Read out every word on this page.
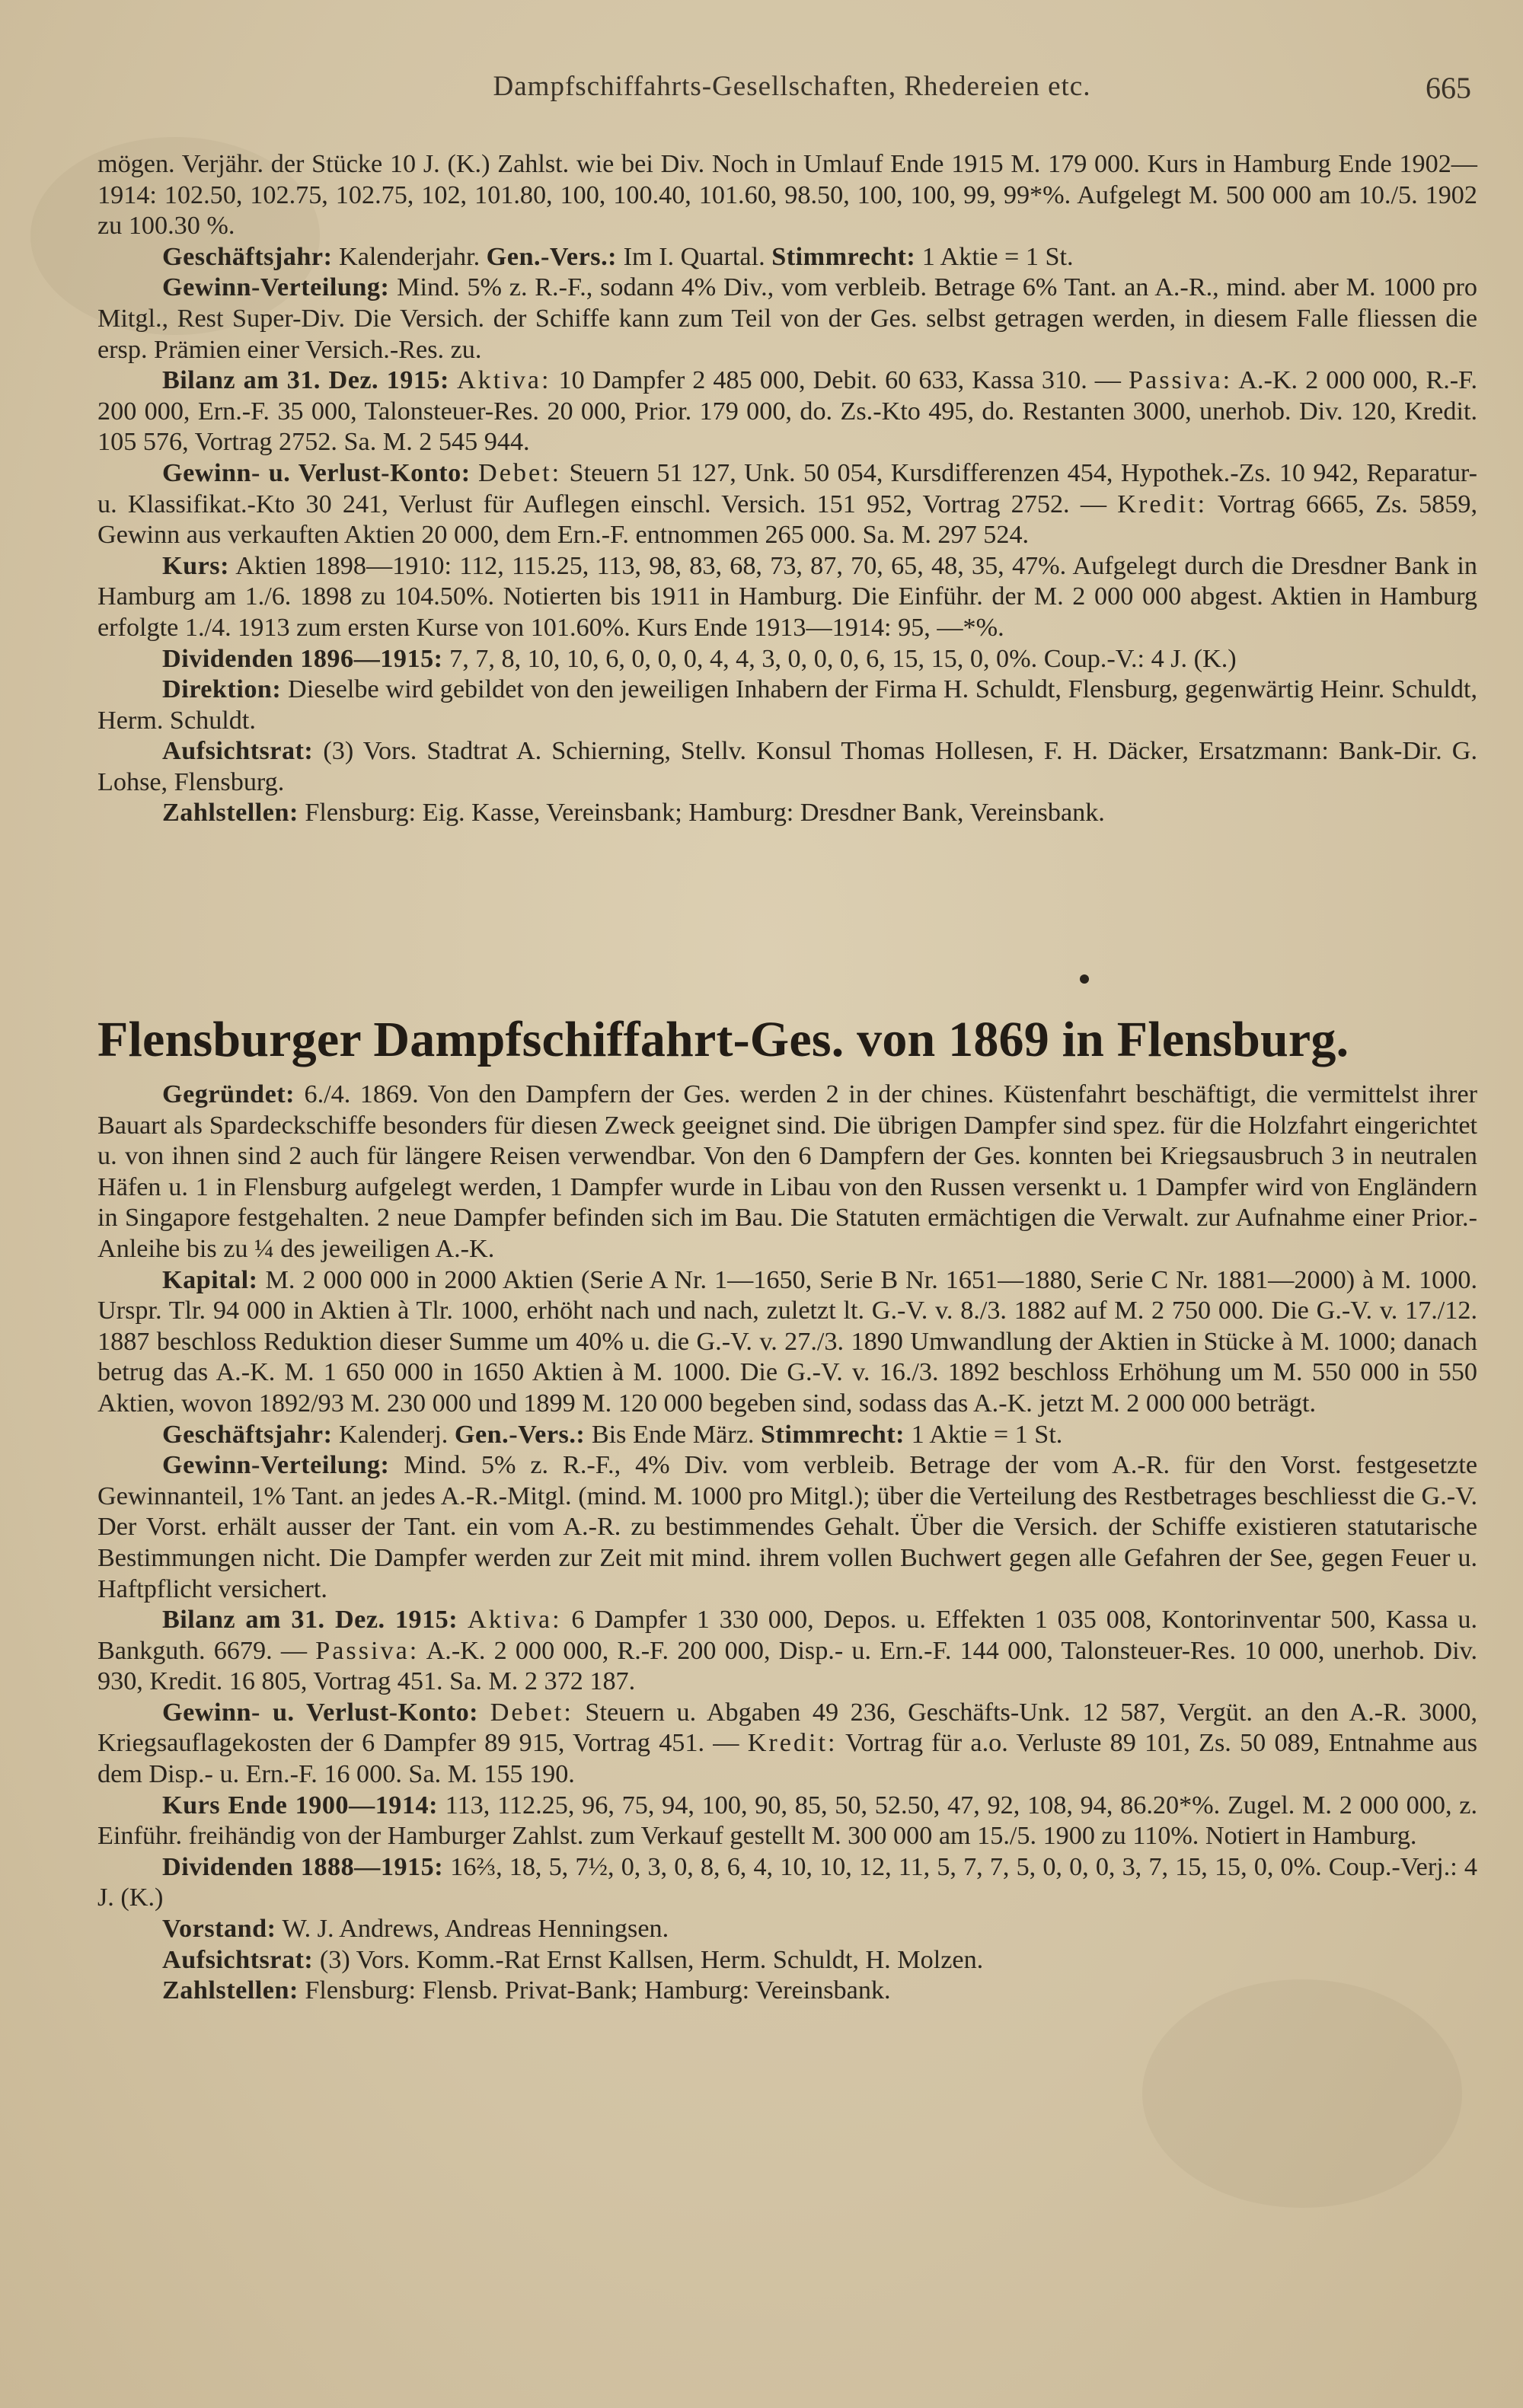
Dampfschiffahrts-Gesellschaften, Rhedereien etc.	665

mögen. Verjähr. der Stücke 10 J. (K.) Zahlst. wie bei Div. Noch in Umlauf Ende 1915 M. 179 000. Kurs in Hamburg Ende 1902—1914: 102.50, 102.75, 102.75, 102, 101.80, 100, 100.40, 101.60, 98.50, 100, 100, 99, 99*%. Aufgelegt M. 500 000 am 10./5. 1902 zu 100.30 %.

Geschäftsjahr: Kalenderjahr. Gen.-Vers.: Im I. Quartal. Stimmrecht: 1 Aktie = 1 St.

Gewinn-Verteilung: Mind. 5% z. R.-F., sodann 4% Div., vom verbleib. Betrage 6% Tant. an A.-R., mind. aber M. 1000 pro Mitgl., Rest Super-Div. Die Versich. der Schiffe kann zum Teil von der Ges. selbst getragen werden, in diesem Falle fliessen die ersp. Prämien einer Versich.-Res. zu.

Bilanz am 31. Dez. 1915: Aktiva: 10 Dampfer 2 485 000, Debit. 60 633, Kassa 310. — Passiva: A.-K. 2 000 000, R.-F. 200 000, Ern.-F. 35 000, Talonsteuer-Res. 20 000, Prior. 179 000, do. Zs.-Kto 495, do. Restanten 3000, unerhob. Div. 120, Kredit. 105 576, Vortrag 2752. Sa. M. 2 545 944.

Gewinn- u. Verlust-Konto: Debet: Steuern 51 127, Unk. 50 054, Kursdifferenzen 454, Hypothek.-Zs. 10 942, Reparatur- u. Klassifikat.-Kto 30 241, Verlust für Auflegen einschl. Versich. 151 952, Vortrag 2752. — Kredit: Vortrag 6665, Zs. 5859, Gewinn aus verkauften Aktien 20 000, dem Ern.-F. entnommen 265 000. Sa. M. 297 524.

Kurs: Aktien 1898—1910: 112, 115.25, 113, 98, 83, 68, 73, 87, 70, 65, 48, 35, 47%. Aufgelegt durch die Dresdner Bank in Hamburg am 1./6. 1898 zu 104.50%. Notierten bis 1911 in Hamburg. Die Einführ. der M. 2 000 000 abgest. Aktien in Hamburg erfolgte 1./4. 1913 zum ersten Kurse von 101.60%. Kurs Ende 1913—1914: 95, —*%.

Dividenden 1896—1915: 7, 7, 8, 10, 10, 6, 0, 0, 0, 4, 4, 3, 0, 0, 0, 6, 15, 15, 0, 0%. Coup.-V.: 4 J. (K.)

Direktion: Dieselbe wird gebildet von den jeweiligen Inhabern der Firma H. Schuldt, Flensburg, gegenwärtig Heinr. Schuldt, Herm. Schuldt.

Aufsichtsrat: (3) Vors. Stadtrat A. Schierning, Stellv. Konsul Thomas Hollesen, F. H. Däcker, Ersatzmann: Bank-Dir. G. Lohse, Flensburg.

Zahlstellen: Flensburg: Eig. Kasse, Vereinsbank; Hamburg: Dresdner Bank, Vereinsbank.

Flensburger Dampfschiffahrt-Ges. von 1869 in Flensburg.

Gegründet: 6./4. 1869. Von den Dampfern der Ges. werden 2 in der chines. Küstenfahrt beschäftigt, die vermittelst ihrer Bauart als Spardeckschiffe besonders für diesen Zweck geeignet sind. Die übrigen Dampfer sind spez. für die Holzfahrt eingerichtet u. von ihnen sind 2 auch für längere Reisen verwendbar. Von den 6 Dampfern der Ges. konnten bei Kriegsausbruch 3 in neutralen Häfen u. 1 in Flensburg aufgelegt werden, 1 Dampfer wurde in Libau von den Russen versenkt u. 1 Dampfer wird von Engländern in Singapore festgehalten. 2 neue Dampfer befinden sich im Bau. Die Statuten ermächtigen die Verwalt. zur Aufnahme einer Prior.-Anleihe bis zu ¼ des jeweiligen A.-K.

Kapital: M. 2 000 000 in 2000 Aktien (Serie A Nr. 1—1650, Serie B Nr. 1651—1880, Serie C Nr. 1881—2000) à M. 1000. Urspr. Tlr. 94 000 in Aktien à Tlr. 1000, erhöht nach und nach, zuletzt lt. G.-V. v. 8./3. 1882 auf M. 2 750 000. Die G.-V. v. 17./12. 1887 beschloss Reduktion dieser Summe um 40% u. die G.-V. v. 27./3. 1890 Umwandlung der Aktien in Stücke à M. 1000; danach betrug das A.-K. M. 1 650 000 in 1650 Aktien à M. 1000. Die G.-V. v. 16./3. 1892 beschloss Erhöhung um M. 550 000 in 550 Aktien, wovon 1892/93 M. 230 000 und 1899 M. 120 000 begeben sind, sodass das A.-K. jetzt M. 2 000 000 beträgt.

Geschäftsjahr: Kalenderj. Gen.-Vers.: Bis Ende März. Stimmrecht: 1 Aktie = 1 St.

Gewinn-Verteilung: Mind. 5% z. R.-F., 4% Div. vom verbleib. Betrage der vom A.-R. für den Vorst. festgesetzte Gewinnanteil, 1% Tant. an jedes A.-R.-Mitgl. (mind. M. 1000 pro Mitgl.); über die Verteilung des Restbetrages beschliesst die G.-V. Der Vorst. erhält ausser der Tant. ein vom A.-R. zu bestimmendes Gehalt. Über die Versich. der Schiffe existieren statutarische Bestimmungen nicht. Die Dampfer werden zur Zeit mit mind. ihrem vollen Buchwert gegen alle Gefahren der See, gegen Feuer u. Haftpflicht versichert.

Bilanz am 31. Dez. 1915: Aktiva: 6 Dampfer 1 330 000, Depos. u. Effekten 1 035 008, Kontorinventar 500, Kassa u. Bankguth. 6679. — Passiva: A.-K. 2 000 000, R.-F. 200 000, Disp.- u. Ern.-F. 144 000, Talonsteuer-Res. 10 000, unerhob. Div. 930, Kredit. 16 805, Vortrag 451. Sa. M. 2 372 187.

Gewinn- u. Verlust-Konto: Debet: Steuern u. Abgaben 49 236, Geschäfts-Unk. 12 587, Vergüt. an den A.-R. 3000, Kriegsauflagekosten der 6 Dampfer 89 915, Vortrag 451. — Kredit: Vortrag für a.o. Verluste 89 101, Zs. 50 089, Entnahme aus dem Disp.- u. Ern.-F. 16 000. Sa. M. 155 190.

Kurs Ende 1900—1914: 113, 112.25, 96, 75, 94, 100, 90, 85, 50, 52.50, 47, 92, 108, 94, 86.20*%. Zugel. M. 2 000 000, z. Einführ. freihändig von der Hamburger Zahlst. zum Verkauf gestellt M. 300 000 am 15./5. 1900 zu 110%. Notiert in Hamburg.

Dividenden 1888—1915: 16⅔, 18, 5, 7½, 0, 3, 0, 8, 6, 4, 10, 10, 12, 11, 5, 7, 7, 5, 0, 0, 0, 3, 7, 15, 15, 0, 0%. Coup.-Verj.: 4 J. (K.)

Vorstand: W. J. Andrews, Andreas Henningsen.

Aufsichtsrat: (3) Vors. Komm.-Rat Ernst Kallsen, Herm. Schuldt, H. Molzen.

Zahlstellen: Flensburg: Flensb. Privat-Bank; Hamburg: Vereinsbank.
